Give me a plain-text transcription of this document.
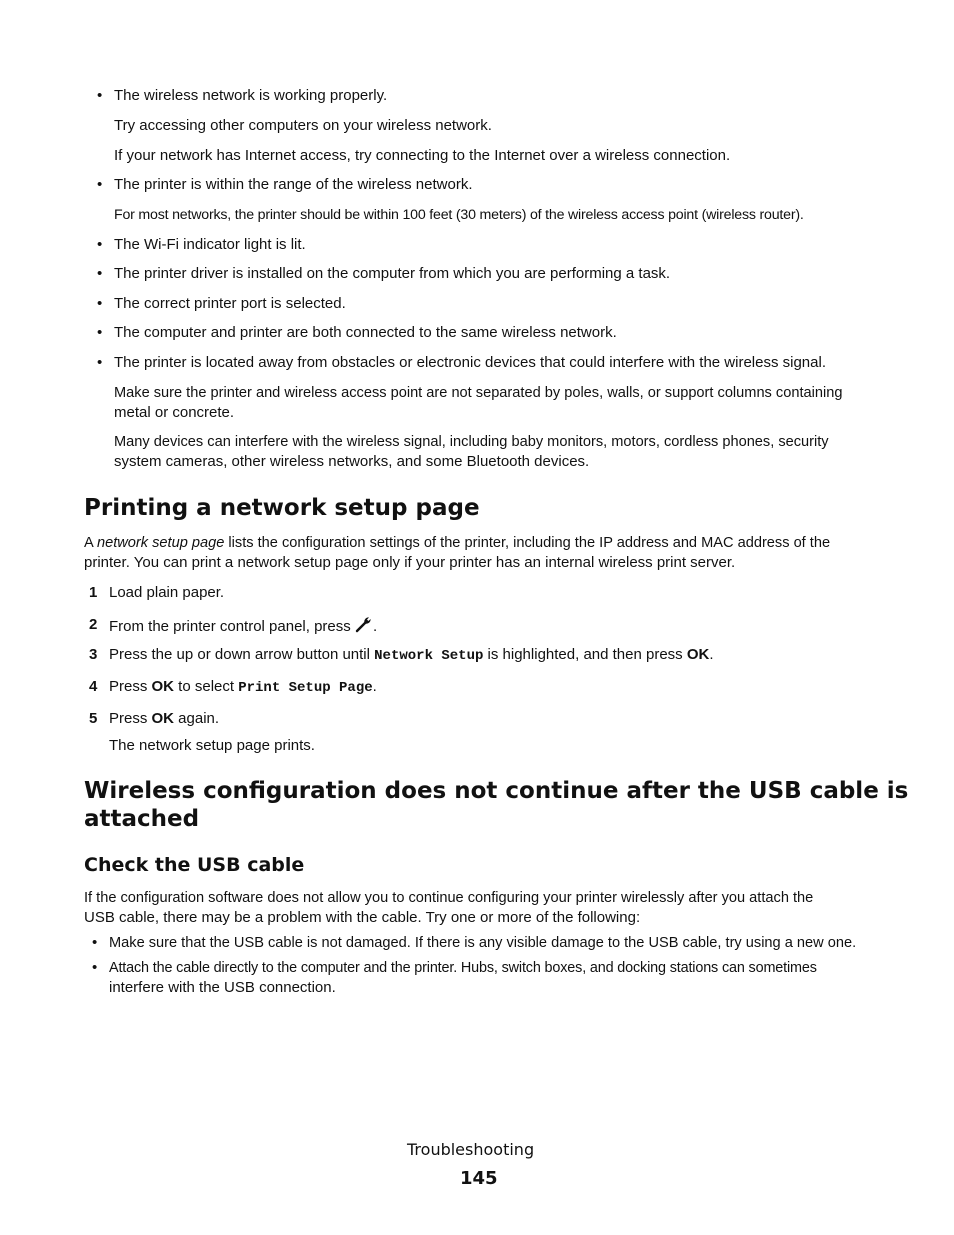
• The wireless network is working properly.
Try accessing other computers on your wireless network.
If your network has Internet access, try connecting to the Internet over a wireless connection.
• The printer is within the range of the wireless network.
For most networks, the printer should be within 100 feet (30 meters) of the wireless access point (wireless router).
• The Wi-Fi indicator light is lit.
• The printer driver is installed on the computer from which you are performing a task.
• The correct printer port is selected.
• The computer and printer are both connected to the same wireless network.
• The printer is located away from obstacles or electronic devices that could interfere with the wireless signal.
Make sure the printer and wireless access point are not separated by poles, walls, or support columns containing
metal or concrete.
Many devices can interfere with the wireless signal, including baby monitors, motors, cordless phones, security
system cameras, other wireless networks, and some Bluetooth devices.
Printing a network setup page
A network setup page lists the configuration settings of the printer, including the IP address and MAC address of the
printer. You can print a network setup page only if your printer has an internal wireless print server.
1 Load plain paper.
2 From the printer control panel, press .
3 Press the up or down arrow button until Network Setup is highlighted, and then press OK.
4 Press OK to select Print Setup Page.
5 Press OK again.
The network setup page prints.
Wireless configuration does not continue after the USB cable is
attached
Check the USB cable
If the configuration software does not allow you to continue configuring your printer wirelessly after you attach the
USB cable, there may be a problem with the cable. Try one or more of the following:
• Make sure that the USB cable is not damaged. If there is any visible damage to the USB cable, try using a new one.
• Attach the cable directly to the computer and the printer. Hubs, switch boxes, and docking stations can sometimes
interfere with the USB connection.
Troubleshooting
145
